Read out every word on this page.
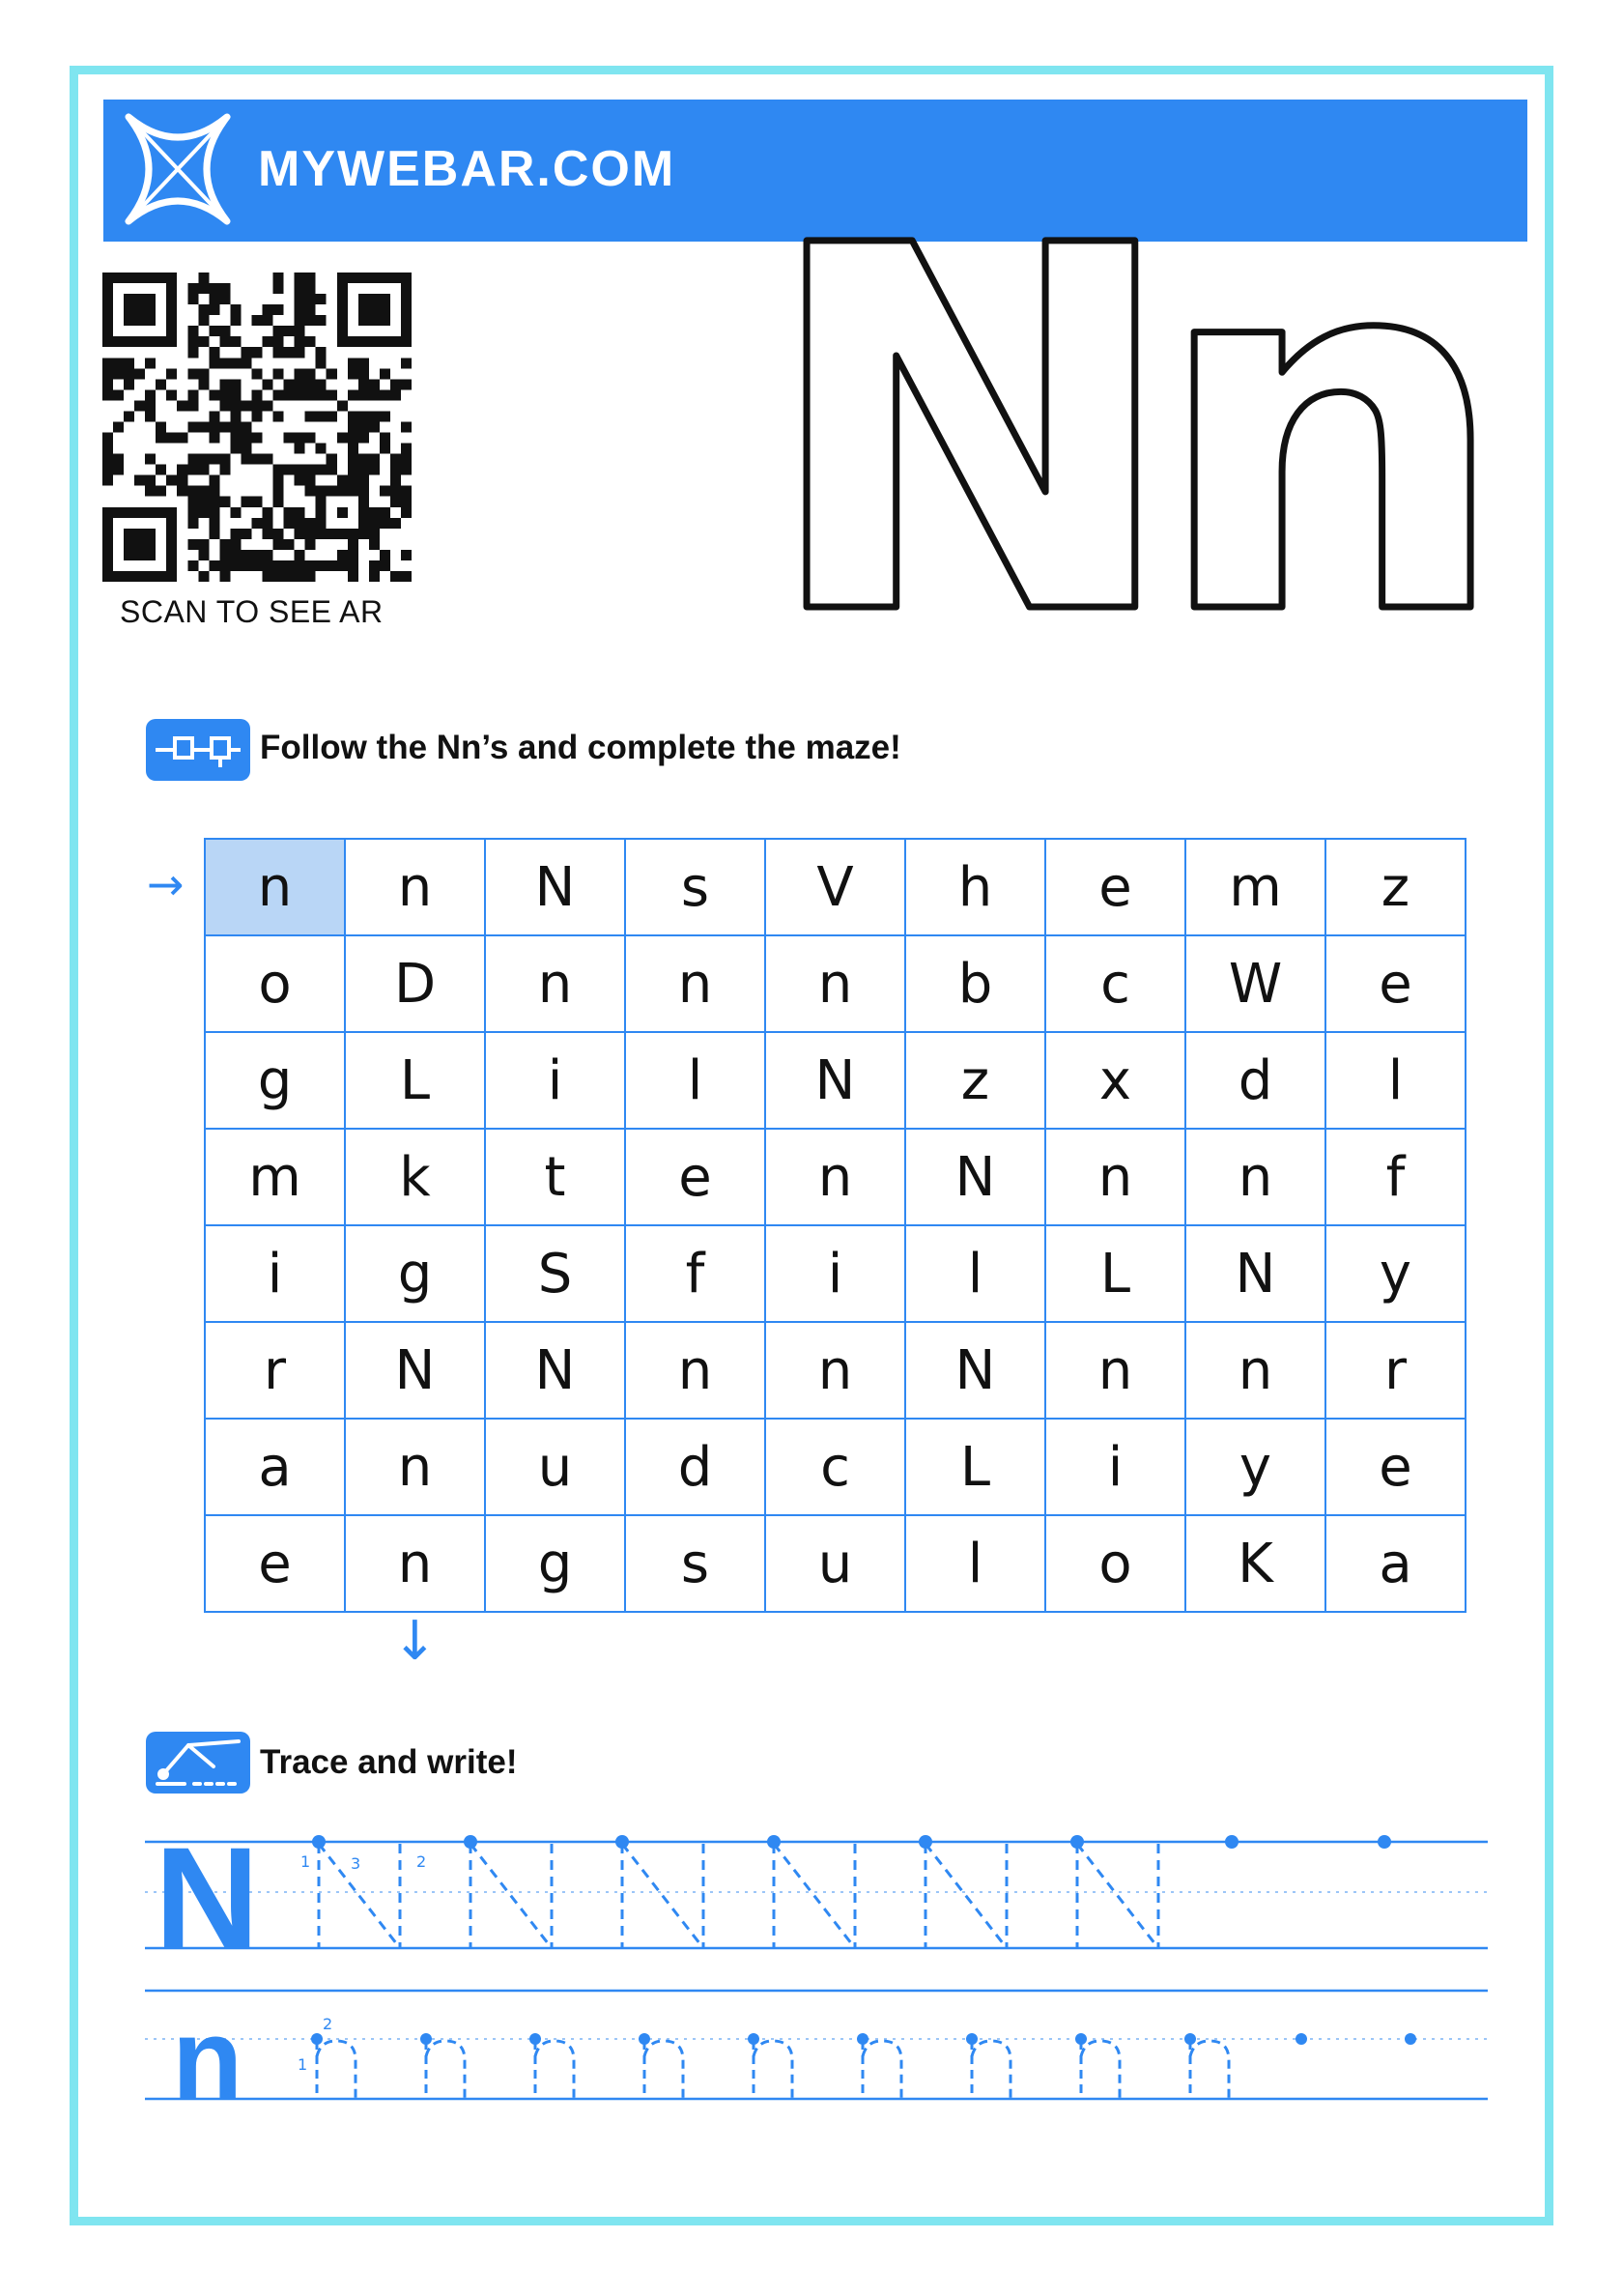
MYWEBAR.COM
SCAN TO SEE AR Nn
Follow the Nn’s and complete the maze!
→ n	n	N	s	V	h	e	m	z
o	D	n	n	n	b	c	W	e
g	L	i	l	N	z	x	d	l
m	k	t	e	n	N	n	n	f
i	g	S	f	i	l	L	N	y
r	N	N	n	n	N	n	n	r
a	n	u	d	c	L	i	y	e
e	n	g	s	u	l	o	K	a
↓
Trace and write!
N
n
1	3	2
1
2
